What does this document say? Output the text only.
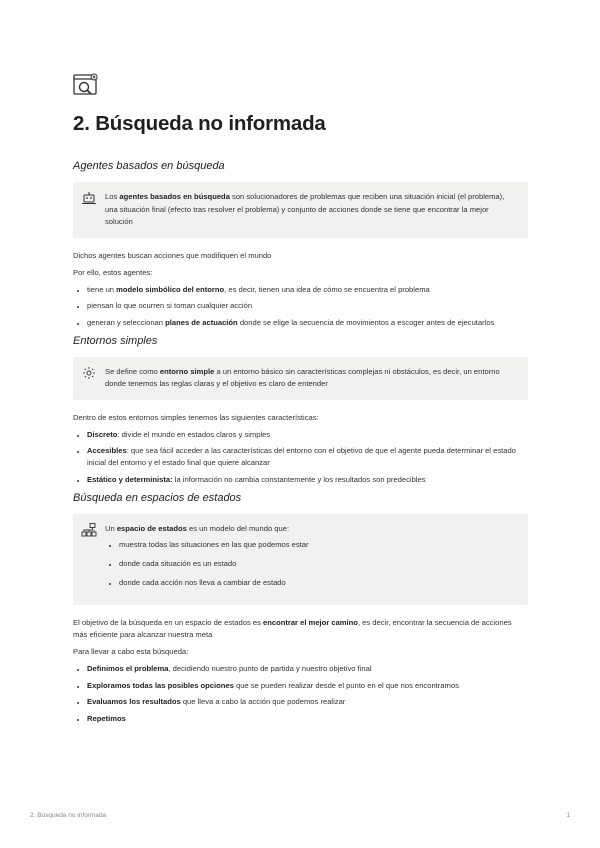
2. Búsqueda no informada
Agentes basados en búsqueda
Los agentes basados en búsqueda son solucionadores de problemas que reciben una situación inicial (el problema), una situación final (efecto tras resolver el problema) y conjunto de acciones donde se tiene que encontrar la mejor solución

Dichos agentes buscan acciones que modifiquen el mundo

Por ello, estos agentes:

• tiene un modelo simbólico del entorno, es decir, tienen una idea de cómo se encuentra el problema
• piensan lo que ocurren si toman cualquier acción
• generan y seleccionan planes de actuación donde se elige la secuencia de movimientos a escoger antes de ejecutarlos
Entornos simples
Se define como entorno simple a un entorno básico sin características complejas ni obstáculos, es decir, un entorno donde tenemos las reglas claras y el objetivo es claro de entender

Dentro de estos entornos simples tenemos las siguientes características:

• Discreto: divide el mundo en estados claros y simples
• Accesibles: que sea fácil acceder a las características del entorno con el objetivo de que el agente pueda determinar el estado inicial del entorno y el estado final que quiere alcanzar
• Estático y determinista: la información no cambia constantemente y los resultados son predecibles
Búsqueda en espacios de estados
Un espacio de estados es un modelo del mundo que:
• muestra todas las situaciones en las que podemos estar
• donde cada situación es un estado
• donde cada acción nos lleva a cambiar de estado

El objetivo de la búsqueda en un espacio de estados es encontrar el mejor camino, es decir, encontrar la secuencia de acciones más eficiente para alcanzar nuestra meta

Para llevar a cabo esta búsqueda:

• Definimos el problema, decidiendo nuestro punto de partida y nuestro objetivo final
• Exploramos todas las posibles opciones que se pueden realizar desde el punto en el que nos encontramos
• Evaluamos los resultados que lleva a cabo la acción que podemos realizar
• Repetimos
2. Búsqueda no informada	1
